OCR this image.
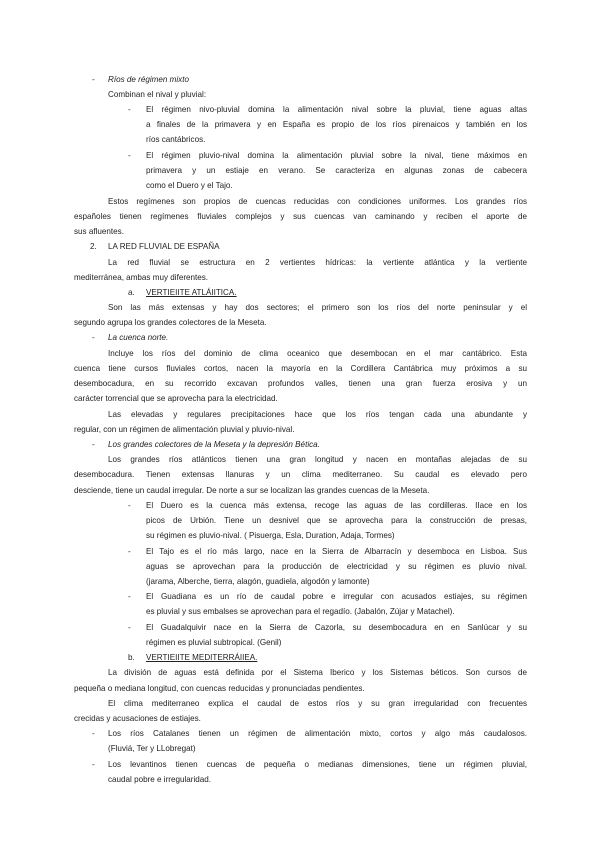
- Ríos de régimen mixto
Combinan el nival y pluvial:
- El régimen nivo-pluvial domina la alimentación nival sobre la pluvial, tiene aguas altas
a finales de la primavera y en España es propio de los ríos pirenaicos y también en los
ríos cantábricos.
- El régimen pluvio-nival domina la alimentación pluvial sobre la nival, tiene máximos en
primavera y un estiaje en verano. Se caracteriza en algunas zonas de cabecera
como el Duero y el Tajo.
Estos regímenes son propios de cuencas reducidas con condiciones uniformes. Los grandes ríos
españoles tienen regímenes fluviales complejos y sus cuencas van caminando y reciben el aporte de
sus afluentes.
2. LA RED FLUVIAL DE ESPAÑA
La red fluvial se estructura en 2 vertientes hídricas: la vertiente atlántica y la vertiente
mediterránea, ambas muy diferentes.
a. VERTIEIITE ATLÁIITICA.
Son las más extensas y hay dos sectores; el primero son los ríos del norte peninsular y el
segundo agrupa los grandes colectores de la Meseta.
- La cuenca norte.
Incluye los ríos del dominio de clima oceanico que desembocan en el mar cantábrico. Esta
cuenca tiene cursos fluviales cortos, nacen la mayoría en la Cordillera Cantábrica muy próximos a su
desembocadura, en su recorrido excavan profundos valles, tienen una gran fuerza erosiva y un
carácter torrencial que se aprovecha para la electricidad.
Las elevadas y regulares precipitaciones hace que los ríos tengan cada una abundante y
regular, con un régimen de alimentación pluvial y pluvio-nival.
- Los grandes colectores de la Meseta y la depresión Bética.
Los grandes ríos atlánticos tienen una gran longitud y nacen en montañas alejadas de su
desembocadura. Tienen extensas llanuras y un clima mediterraneo. Su caudal es elevado pero
desciende, tiene un caudal irregular. De norte a sur se localizan las grandes cuencas de la Meseta.
- El Duero es la cuenca más extensa, recoge las aguas de las cordilleras. IIace en los
picos de Urbión. Tiene un desnivel que se aprovecha para la construcción de presas,
su régimen es pluvio-nival. ( Pisuerga, Esla, Duration, Adaja, Tormes)
- El Tajo es el río más largo, nace en la Sierra de Albarracín y desemboca en Lisboa. Sus
aguas se aprovechan para la producción de electricidad y su régimen es pluvio nival.
(jarama, Alberche, tierra, alagón, guadiela, algodón y lamonte)
- El Guadiana es un río de caudal pobre e irregular con acusados estiajes, su régimen
es pluvial y sus embalses se aprovechan para el regadío. (Jabalón, Zújar y Matachel).
- El Guadalquivir nace en la Sierra de Cazorla, su desembocadura en en Sanlúcar y su
régimen es pluvial subtropical. (Genil)
b. VERTIEIITE MEDITERRÁIIEA.
La división de aguas está definida por el Sistema Iberico y los Sistemas béticos. Son cursos de
pequeña o mediana longitud, con cuencas reducidas y pronunciadas pendientes.
El clima mediterraneo explica el caudal de estos ríos y su gran irregularidad con frecuentes
crecidas y acusaciones de estiajes.
- Los ríos Catalanes tienen un régimen de alimentación mixto, cortos y algo más caudalosos.
(Fluviá, Ter y LLobregat)
- Los levantinos tienen cuencas de pequeña o medianas dimensiones, tiene un régimen pluvial,
caudal pobre e irregularidad.
